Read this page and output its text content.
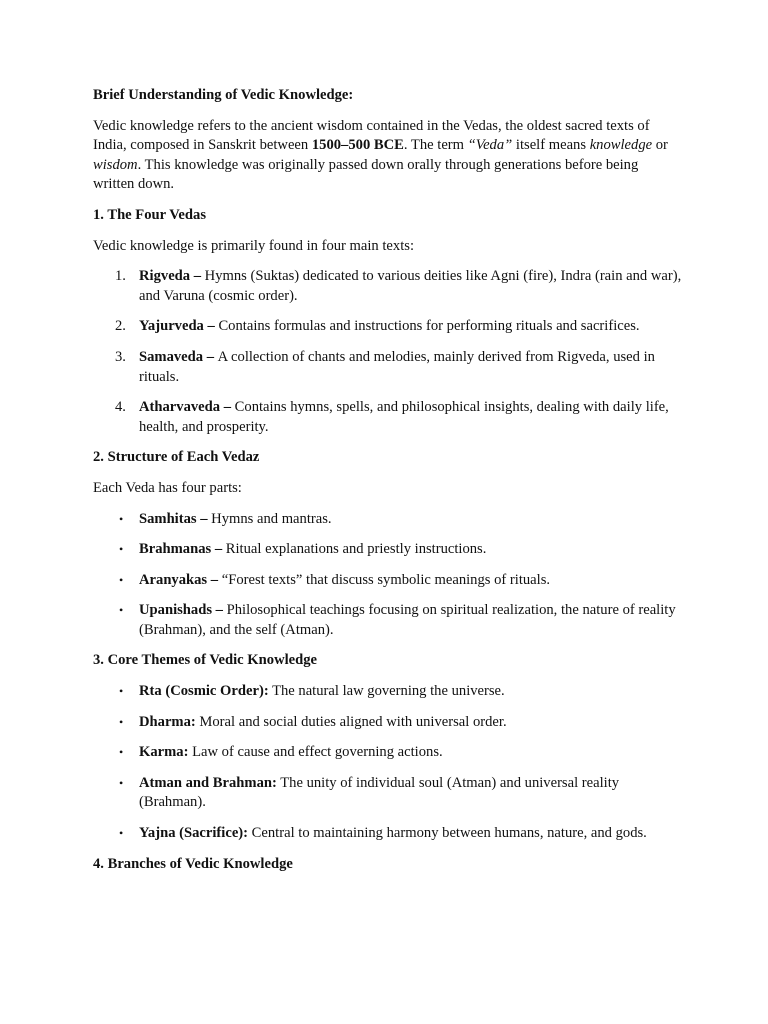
Brief Understanding of Vedic Knowledge:

Vedic knowledge refers to the ancient wisdom contained in the Vedas, the oldest sacred texts of India, composed in Sanskrit between 1500–500 BCE. The term “Veda” itself means knowledge or wisdom. This knowledge was originally passed down orally through generations before being written down.

1. The Four Vedas

Vedic knowledge is primarily found in four main texts:

1. Rigveda – Hymns (Suktas) dedicated to various deities like Agni (fire), Indra (rain and war), and Varuna (cosmic order).
2. Yajurveda – Contains formulas and instructions for performing rituals and sacrifices.
3. Samaveda – A collection of chants and melodies, mainly derived from Rigveda, used in rituals.
4. Atharvaveda – Contains hymns, spells, and philosophical insights, dealing with daily life, health, and prosperity.

2. Structure of Each Vedaz

Each Veda has four parts:

• Samhitas – Hymns and mantras.
• Brahmanas – Ritual explanations and priestly instructions.
• Aranyakas – “Forest texts” that discuss symbolic meanings of rituals.
• Upanishads – Philosophical teachings focusing on spiritual realization, the nature of reality (Brahman), and the self (Atman).

3. Core Themes of Vedic Knowledge

• Rta (Cosmic Order): The natural law governing the universe.
• Dharma: Moral and social duties aligned with universal order.
• Karma: Law of cause and effect governing actions.
• Atman and Brahman: The unity of individual soul (Atman) and universal reality (Brahman).
• Yajna (Sacrifice): Central to maintaining harmony between humans, nature, and gods.

4. Branches of Vedic Knowledge
